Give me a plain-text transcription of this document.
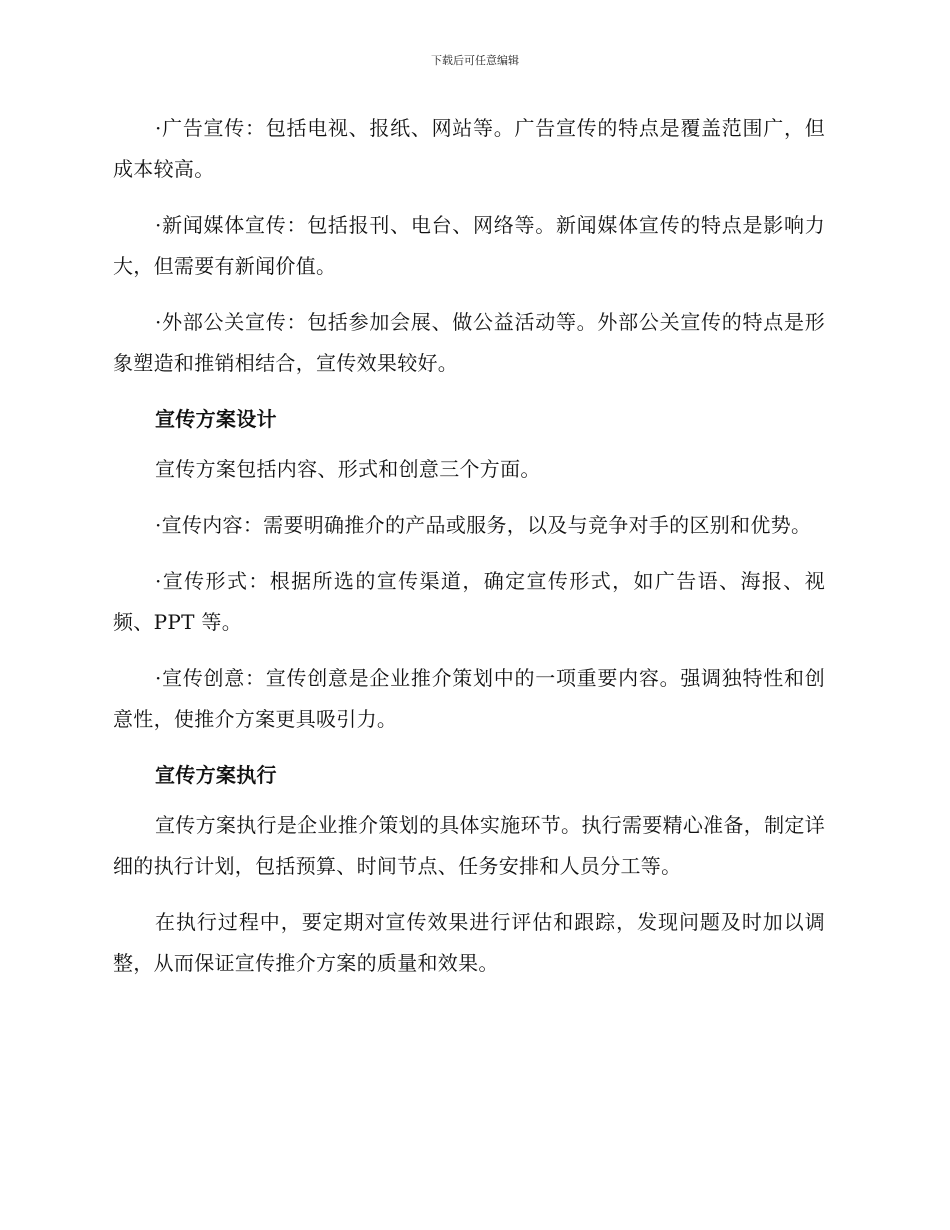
下载后可任意编辑

·广告宣传：包括电视、报纸、网站等。广告宣传的特点是覆盖范围广，但成本较高。

·新闻媒体宣传：包括报刊、电台、网络等。新闻媒体宣传的特点是影响力大，但需要有新闻价值。

·外部公关宣传：包括参加会展、做公益活动等。外部公关宣传的特点是形象塑造和推销相结合，宣传效果较好。

宣传方案设计

宣传方案包括内容、形式和创意三个方面。

·宣传内容：需要明确推介的产品或服务，以及与竞争对手的区别和优势。

·宣传形式：根据所选的宣传渠道，确定宣传形式，如广告语、海报、视频、PPT 等。

·宣传创意：宣传创意是企业推介策划中的一项重要内容。强调独特性和创意性，使推介方案更具吸引力。

宣传方案执行

宣传方案执行是企业推介策划的具体实施环节。执行需要精心准备，制定详细的执行计划，包括预算、时间节点、任务安排和人员分工等。

在执行过程中，要定期对宣传效果进行评估和跟踪，发现问题及时加以调整，从而保证宣传推介方案的质量和效果。
